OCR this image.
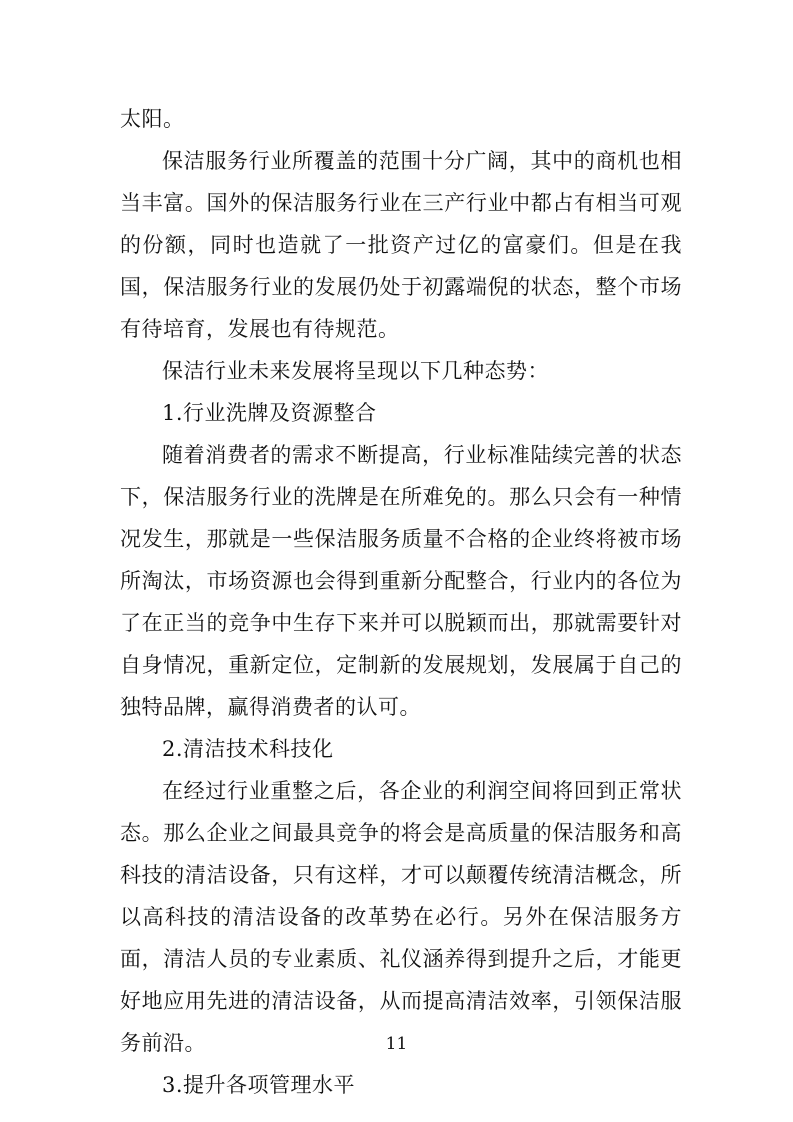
太阳。

保洁服务行业所覆盖的范围十分广阔，其中的商机也相当丰富。国外的保洁服务行业在三产行业中都占有相当可观的份额，同时也造就了一批资产过亿的富豪们。但是在我国，保洁服务行业的发展仍处于初露端倪的状态，整个市场有待培育，发展也有待规范。

保洁行业未来发展将呈现以下几种态势：

1.行业洗牌及资源整合

随着消费者的需求不断提高，行业标准陆续完善的状态下，保洁服务行业的洗牌是在所难免的。那么只会有一种情况发生，那就是一些保洁服务质量不合格的企业终将被市场所淘汰，市场资源也会得到重新分配整合，行业内的各位为了在正当的竞争中生存下来并可以脱颖而出，那就需要针对自身情况，重新定位，定制新的发展规划，发展属于自己的独特品牌，赢得消费者的认可。

2.清洁技术科技化

在经过行业重整之后，各企业的利润空间将回到正常状态。那么企业之间最具竞争的将会是高质量的保洁服务和高科技的清洁设备，只有这样，才可以颠覆传统清洁概念，所以高科技的清洁设备的改革势在必行。另外在保洁服务方面，清洁人员的专业素质、礼仪涵养得到提升之后，才能更好地应用先进的清洁设备，从而提高清洁效率，引领保洁服务前沿。

3.提升各项管理水平

11
